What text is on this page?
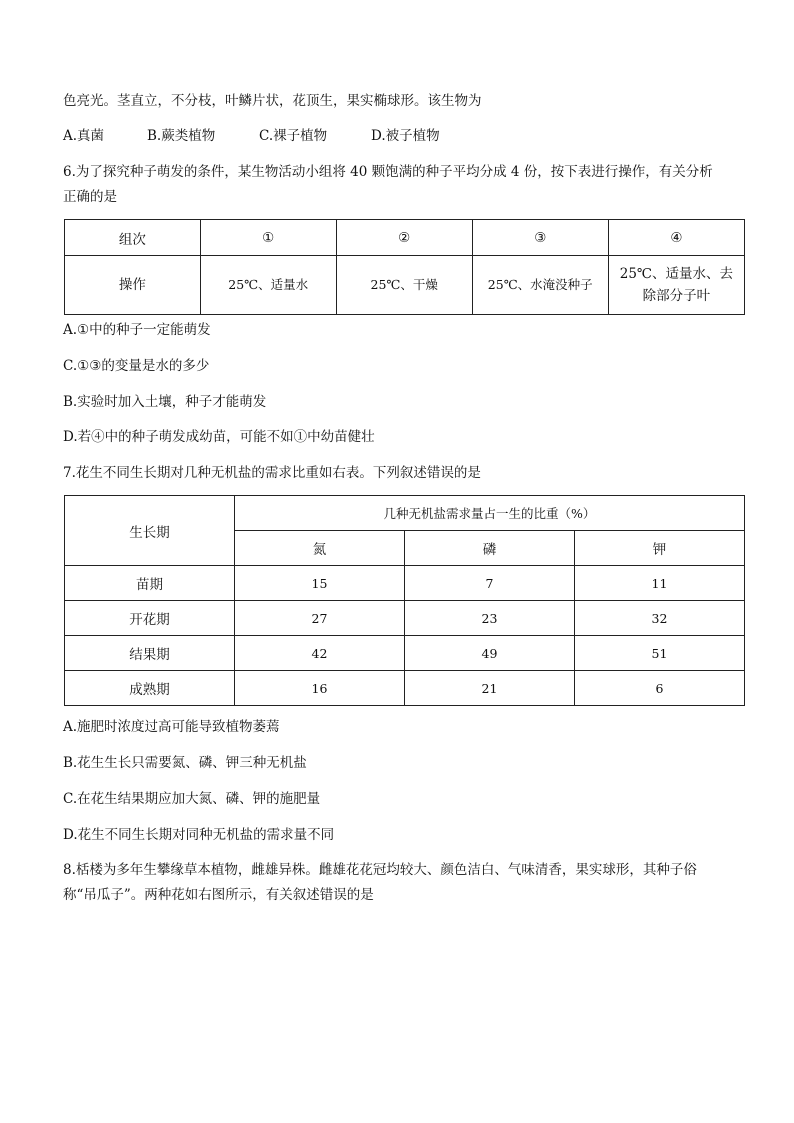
色亮光。茎直立，不分枝，叶鳞片状，花顶生，果实椭球形。该生物为
A.真菌	B.蕨类植物	C.裸子植物	D.被子植物
6.为了探究种子萌发的条件，某生物活动小组将 40 颗饱满的种子平均分成 4 份，按下表进行操作，有关分析
正确的是
组次	①	②	③	④
操作	25℃、适量水	25℃、干燥	25℃、水淹没种子	25℃、适量水、去除部分子叶
A.①中的种子一定能萌发
C.①③的变量是水的多少
B.实验时加入土壤，种子才能萌发
D.若④中的种子萌发成幼苗，可能不如①中幼苗健壮
7.花生不同生长期对几种无机盐的需求比重如右表。下列叙述错误的是
生长期	几种无机盐需求量占一生的比重（%）		
	氮	磷	钾
苗期	15	7	11
开花期	27	23	32
结果期	42	49	51
成熟期	16	21	6
A.施肥时浓度过高可能导致植物萎蔫
B.花生生长只需要氮、磷、钾三种无机盐
C.在花生结果期应加大氮、磷、钾的施肥量
D.花生不同生长期对同种无机盐的需求量不同
8.栝楼为多年生攀缘草本植物，雌雄异株。雌雄花花冠均较大、颜色洁白、气味清香，果实球形，其种子俗
称“吊瓜子”。两种花如右图所示，有关叙述错误的是
